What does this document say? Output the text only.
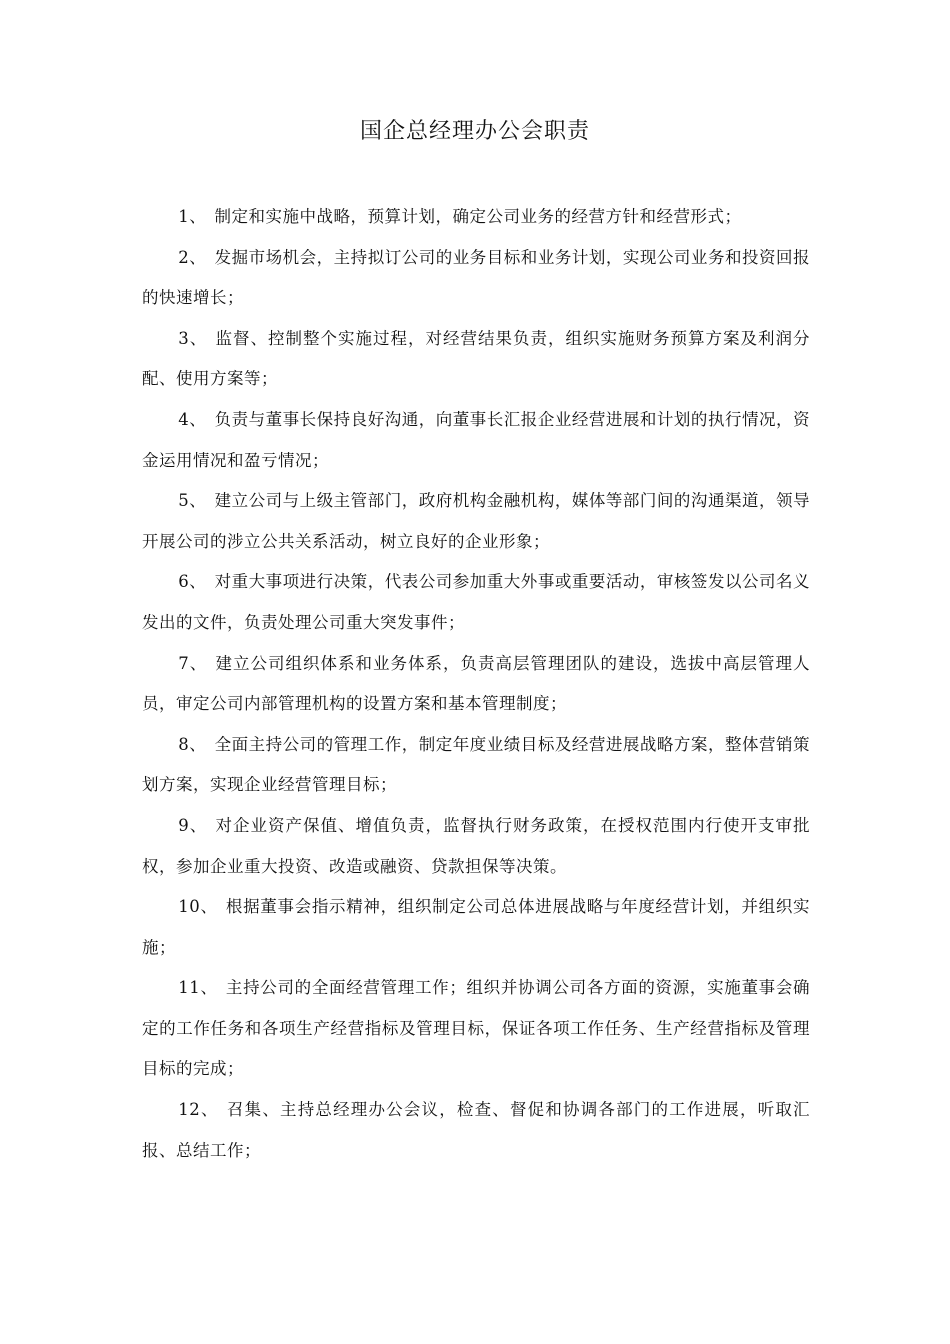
国企总经理办公会职责

1、 制定和实施中战略，预算计划，确定公司业务的经营方针和经营形式；

2、 发掘市场机会，主持拟订公司的业务目标和业务计划，实现公司业务和投资回报的快速增长；

3、 监督、控制整个实施过程，对经营结果负责，组织实施财务预算方案及利润分配、使用方案等；

4、 负责与董事长保持良好沟通，向董事长汇报企业经营进展和计划的执行情况，资金运用情况和盈亏情况；

5、 建立公司与上级主管部门，政府机构金融机构，媒体等部门间的沟通渠道，领导开展公司的涉立公共关系活动，树立良好的企业形象；

6、 对重大事项进行决策，代表公司参加重大外事或重要活动，审核签发以公司名义发出的文件，负责处理公司重大突发事件；

7、 建立公司组织体系和业务体系，负责高层管理团队的建设，选拔中高层管理人员，审定公司内部管理机构的设置方案和基本管理制度；

8、 全面主持公司的管理工作，制定年度业绩目标及经营进展战略方案，整体营销策划方案，实现企业经营管理目标；

9、 对企业资产保值、增值负责，监督执行财务政策，在授权范围内行使开支审批权，参加企业重大投资、改造或融资、贷款担保等决策。

10、 根据董事会指示精神，组织制定公司总体进展战略与年度经营计划，并组织实施；

11、 主持公司的全面经营管理工作；组织并协调公司各方面的资源，实施董事会确定的工作任务和各项生产经营指标及管理目标，保证各项工作任务、生产经营指标及管理目标的完成；

12、 召集、主持总经理办公会议，检查、督促和协调各部门的工作进展，听取汇报、总结工作；
